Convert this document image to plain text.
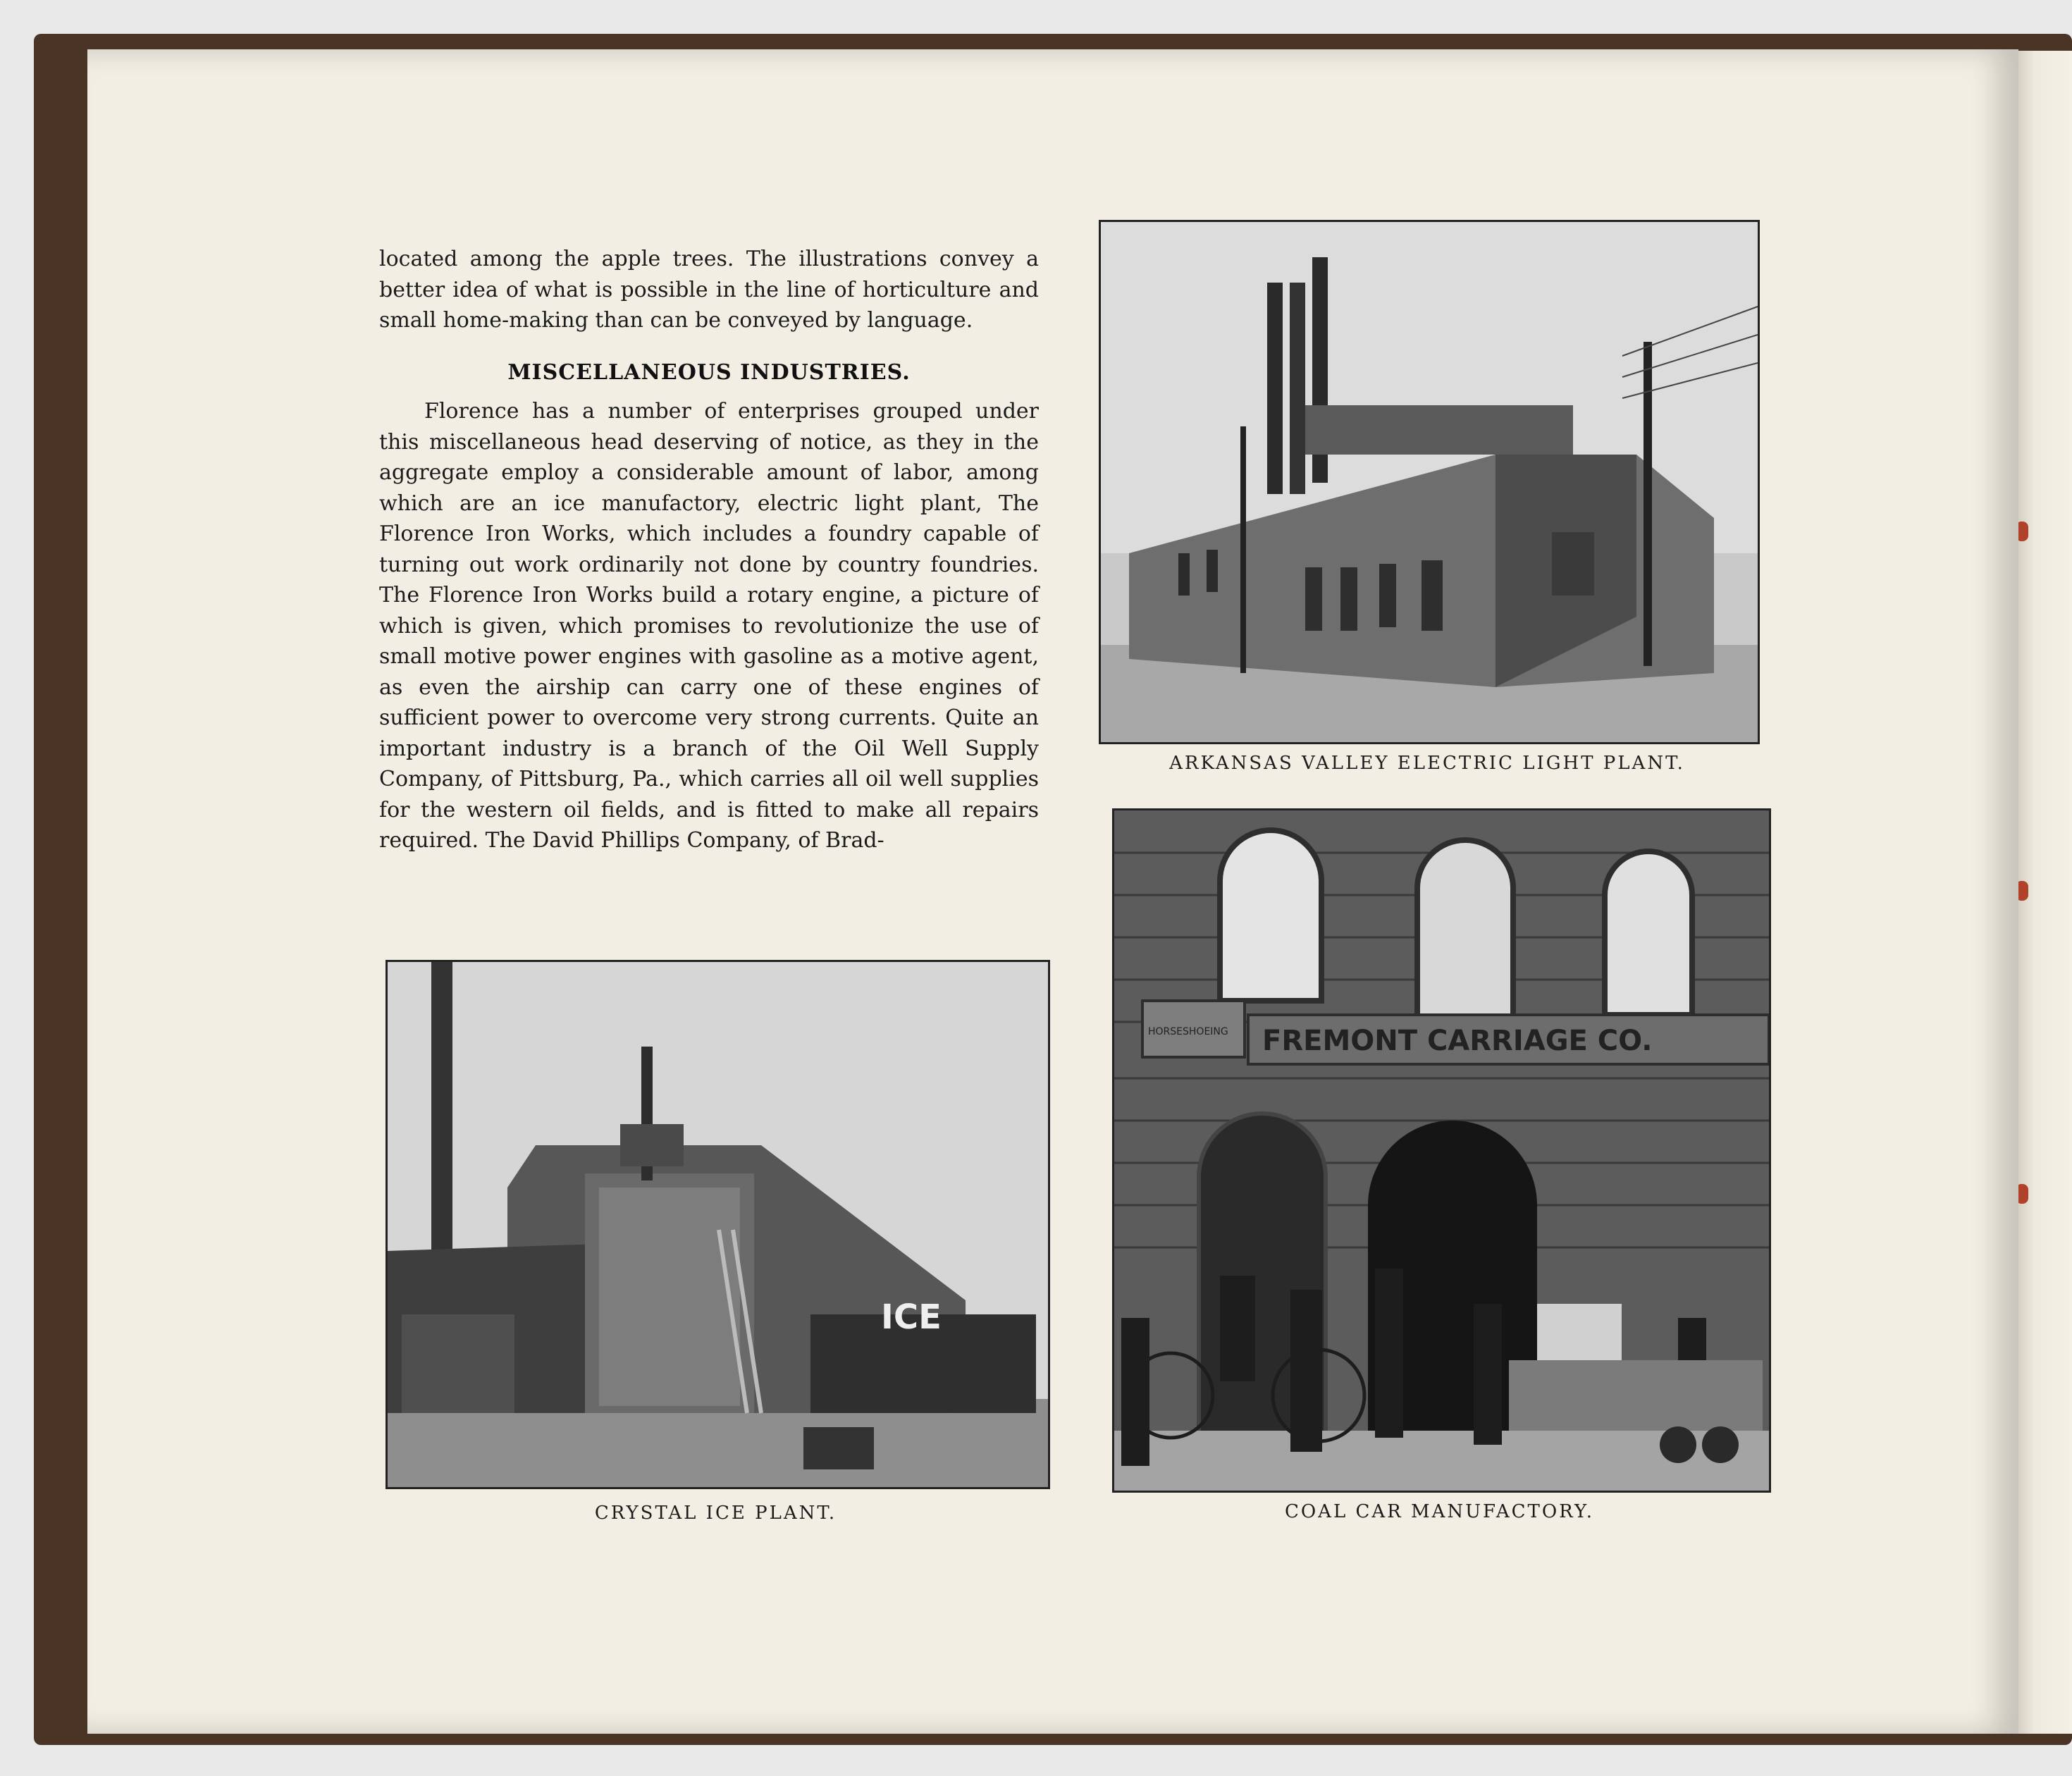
located among the apple trees. The illustrations convey a better idea of what is possible in the line of horticulture and small home-making than can be conveyed by language.

MISCELLANEOUS INDUSTRIES.

Florence has a number of enterprises grouped under this miscellaneous head deserving of notice, as they in the aggregate employ a considerable amount of labor, among which are an ice manufactory, electric light plant, The Florence Iron Works, which includes a foundry capable of turning out work ordinarily not done by country foundries. The Florence Iron Works build a rotary engine, a picture of which is given, which promises to revolutionize the use of small motive power engines with gasoline as a motive agent, as even the airship can carry one of these engines of sufficient power to overcome very strong currents. Quite an important industry is a branch of the Oil Well Supply Company, of Pittsburg, Pa., which carries all oil well supplies for the western oil fields, and is fitted to make all repairs required. The David Phillips Company, of Brad-

ARKANSAS VALLEY ELECTRIC LIGHT PLANT.
ICE
CRYSTAL ICE PLANT.
HORSESHOEING FREMONT CARRIAGE CO.
COAL CAR MANUFACTORY.
